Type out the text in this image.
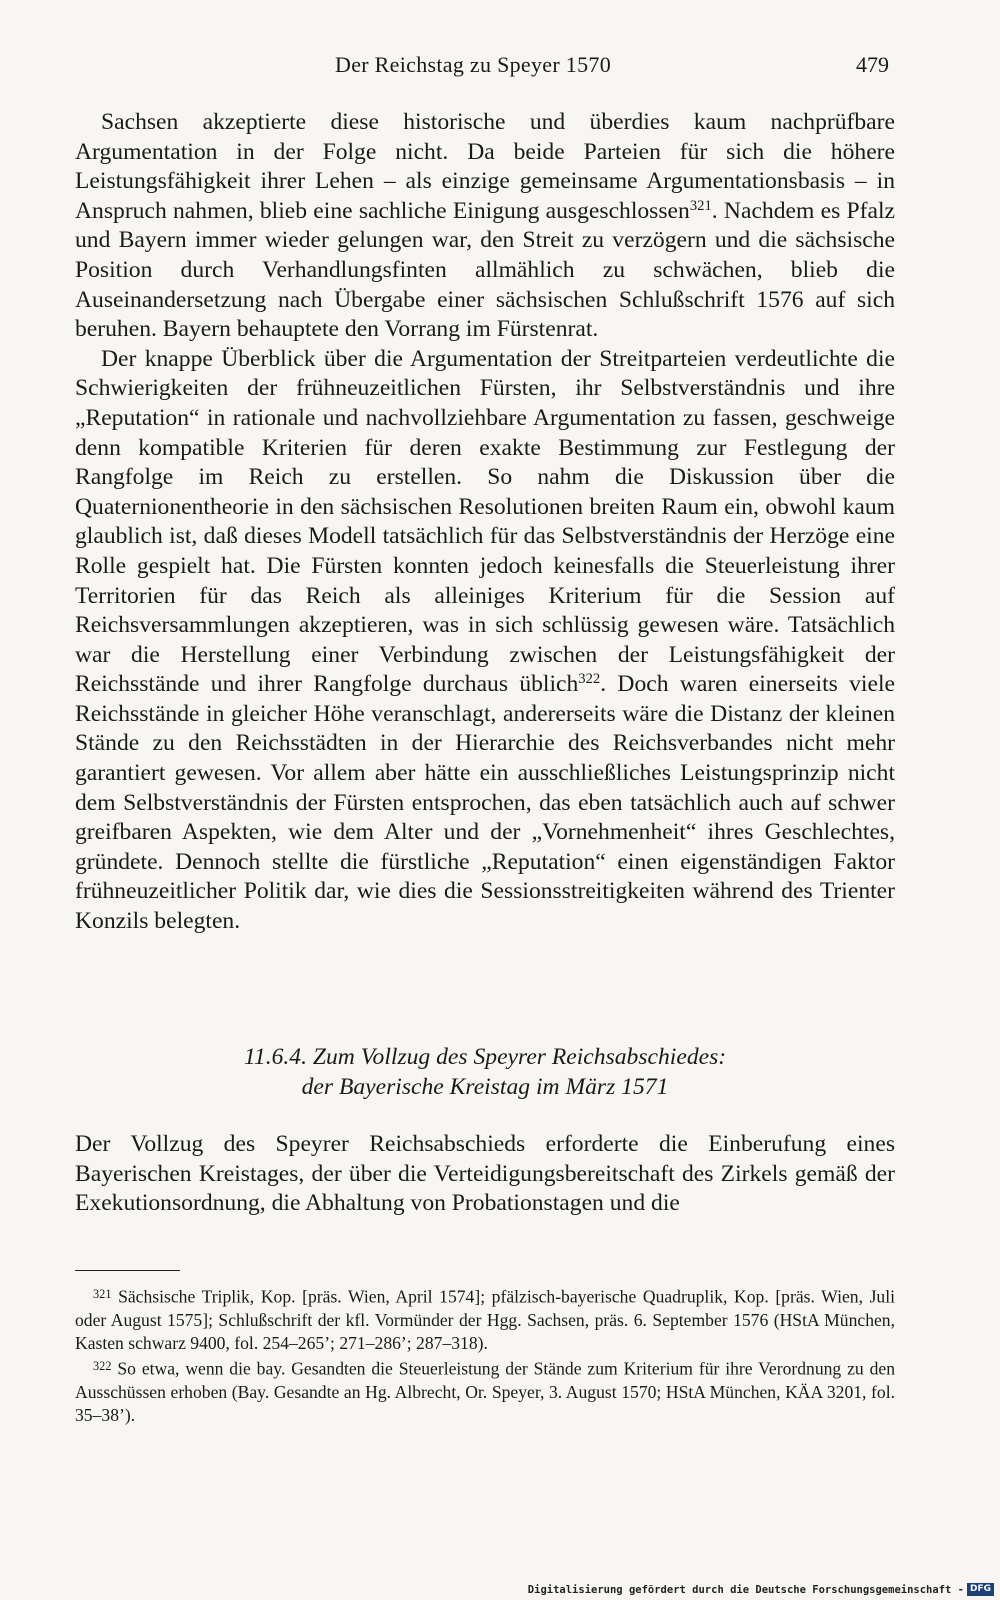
Der Reichstag zu Speyer 1570	479

Sachsen akzeptierte diese historische und überdies kaum nachprüfbare Argumentation in der Folge nicht. Da beide Parteien für sich die höhere Leistungsfähigkeit ihrer Lehen – als einzige gemeinsame Argumentationsbasis – in Anspruch nahmen, blieb eine sachliche Einigung ausgeschlossen$^{321}$. Nachdem es Pfalz und Bayern immer wieder gelungen war, den Streit zu verzögern und die sächsische Position durch Verhandlungsfinten allmählich zu schwächen, blieb die Auseinandersetzung nach Übergabe einer sächsischen Schlußschrift 1576 auf sich beruhen. Bayern behauptete den Vorrang im Fürstenrat.

Der knappe Überblick über die Argumentation der Streitparteien verdeutlichte die Schwierigkeiten der frühneuzeitlichen Fürsten, ihr Selbstverständnis und ihre „Reputation“ in rationale und nachvollziehbare Argumentation zu fassen, geschweige denn kompatible Kriterien für deren exakte Bestimmung zur Festlegung der Rangfolge im Reich zu erstellen. So nahm die Diskussion über die Quaternionentheorie in den sächsischen Resolutionen breiten Raum ein, obwohl kaum glaublich ist, daß dieses Modell tatsächlich für das Selbstverständnis der Herzöge eine Rolle gespielt hat. Die Fürsten konnten jedoch keinesfalls die Steuerleistung ihrer Territorien für das Reich als alleiniges Kriterium für die Session auf Reichsversammlungen akzeptieren, was in sich schlüssig gewesen wäre. Tatsächlich war die Herstellung einer Verbindung zwischen der Leistungsfähigkeit der Reichsstände und ihrer Rangfolge durchaus üblich$^{322}$. Doch waren einerseits viele Reichsstände in gleicher Höhe veranschlagt, andererseits wäre die Distanz der kleinen Stände zu den Reichsstädten in der Hierarchie des Reichsverbandes nicht mehr garantiert gewesen. Vor allem aber hätte ein ausschließliches Leistungsprinzip nicht dem Selbstverständnis der Fürsten entsprochen, das eben tatsächlich auch auf schwer greifbaren Aspekten, wie dem Alter und der „Vornehmenheit“ ihres Geschlechtes, gründete. Dennoch stellte die fürstliche „Reputation“ einen eigenständigen Faktor frühneuzeitlicher Politik dar, wie dies die Sessionsstreitigkeiten während des Trienter Konzils belegten.

11.6.4. Zum Vollzug des Speyrer Reichsabschiedes:
der Bayerische Kreistag im März 1571

Der Vollzug des Speyrer Reichsabschieds erforderte die Einberufung eines Bayerischen Kreistages, der über die Verteidigungsbereitschaft des Zirkels gemäß der Exekutionsordnung, die Abhaltung von Probationstagen und die

$^{321}$ Sächsische Triplik, Kop. [präs. Wien, April 1574]; pfälzisch-bayerische Quadruplik, Kop. [präs. Wien, Juli oder August 1575]; Schlußschrift der kfl. Vormünder der Hgg. Sachsen, präs. 6. September 1576 (HStA München, Kasten schwarz 9400, fol. 254–265’; 271–286’; 287–318).

$^{322}$ So etwa, wenn die bay. Gesandten die Steuerleistung der Stände zum Kriterium für ihre Verordnung zu den Ausschüssen erhoben (Bay. Gesandte an Hg. Albrecht, Or. Speyer, 3. August 1570; HStA München, KÄA 3201, fol. 35–38’).

Digitalisierung gefördert durch die Deutsche Forschungsgemeinschaft - DFG
